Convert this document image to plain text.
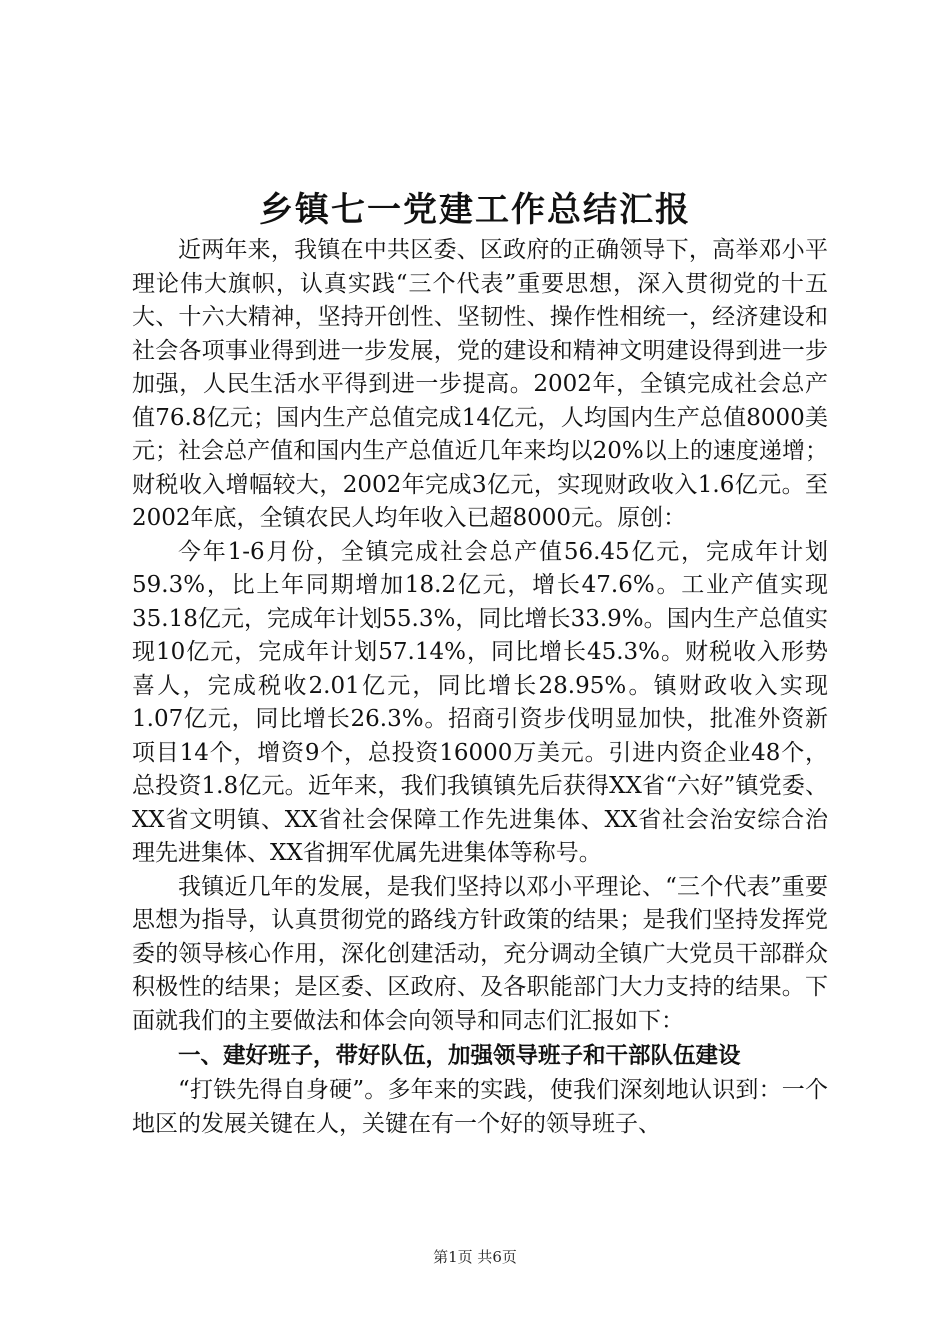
乡镇七一党建工作总结汇报

近两年来，我镇在中共区委、区政府的正确领导下，高举邓小平理论伟大旗帜，认真实践“三个代表”重要思想，深入贯彻党的十五大、十六大精神，坚持开创性、坚韧性、操作性相统一，经济建设和社会各项事业得到进一步发展，党的建设和精神文明建设得到进一步加强，人民生活水平得到进一步提高。2002年，全镇完成社会总产值76.8亿元；国内生产总值完成14亿元，人均国内生产总值8000美元；社会总产值和国内生产总值近几年来均以20%以上的速度递增；财税收入增幅较大，2002年完成3亿元，实现财政收入1.6亿元。至2002年底，全镇农民人均年收入已超8000元。原创：

今年1-6月份，全镇完成社会总产值56.45亿元，完成年计划59.3%，比上年同期增加18.2亿元，增长47.6%。工业产值实现35.18亿元，完成年计划55.3%，同比增长33.9%。国内生产总值实现10亿元，完成年计划57.14%，同比增长45.3%。财税收入形势喜人，完成税收2.01亿元，同比增长28.95%。镇财政收入实现1.07亿元，同比增长26.3%。招商引资步伐明显加快，批准外资新项目14个，增资9个，总投资16000万美元。引进内资企业48个，总投资1.8亿元。近年来，我们我镇镇先后获得XX省“六好”镇党委、XX省文明镇、XX省社会保障工作先进集体、XX省社会治安综合治理先进集体、XX省拥军优属先进集体等称号。

我镇近几年的发展，是我们坚持以邓小平理论、“三个代表”重要思想为指导，认真贯彻党的路线方针政策的结果；是我们坚持发挥党委的领导核心作用，深化创建活动，充分调动全镇广大党员干部群众积极性的结果；是区委、区政府、及各职能部门大力支持的结果。下面就我们的主要做法和体会向领导和同志们汇报如下：

一、建好班子，带好队伍，加强领导班子和干部队伍建设

“打铁先得自身硬”。多年来的实践，使我们深刻地认识到：一个地区的发展关键在人，关键在有一个好的领导班子、

第1页 共6页
